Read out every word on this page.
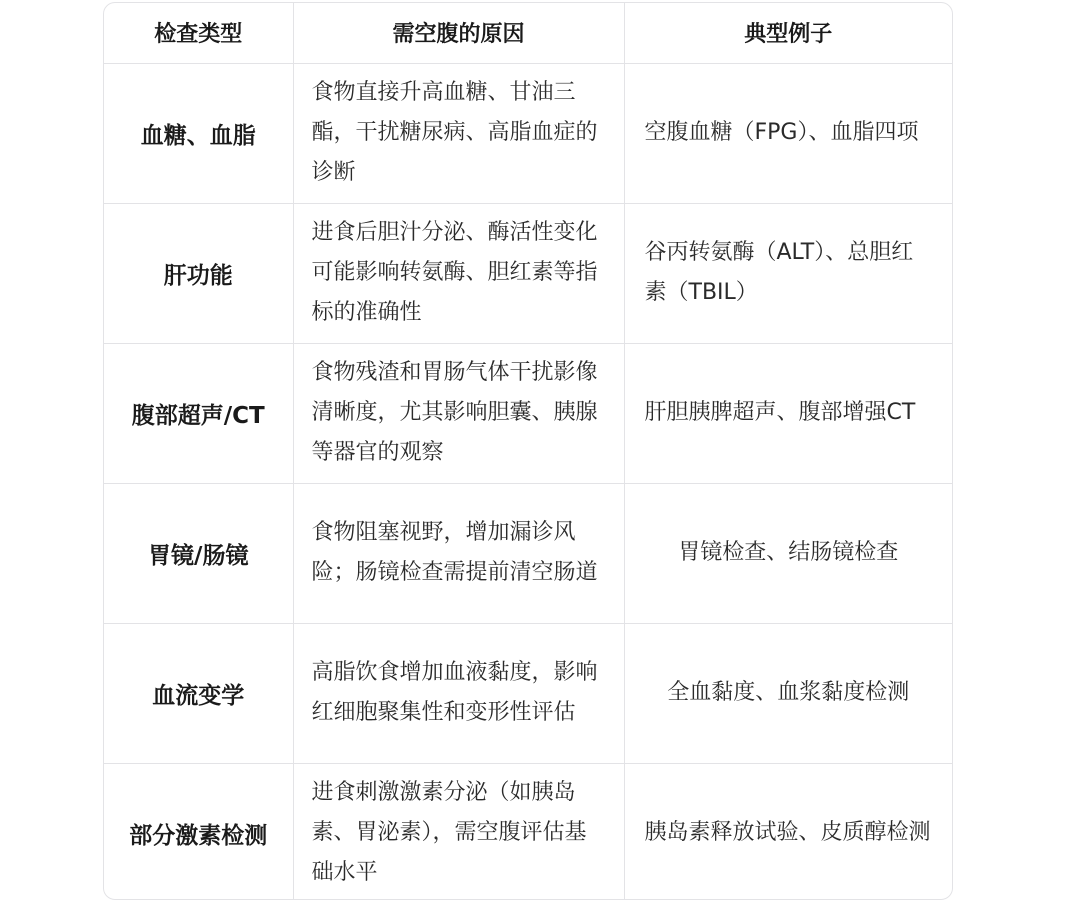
检查类型	需空腹的原因	典型例子
血糖、血脂	食物直接升高血糖、甘油三酯，干扰糖尿病、高脂血症的诊断	空腹血糖（FPG）、血脂四项
肝功能	进食后胆汁分泌、酶活性变化可能影响转氨酶、胆红素等指标的准确性	谷丙转氨酶（ALT）、总胆红素（TBIL）
腹部超声/CT	食物残渣和胃肠气体干扰影像清晰度，尤其影响胆囊、胰腺等器官的观察	肝胆胰脾超声、腹部增强CT
胃镜/肠镜	食物阻塞视野，增加漏诊风险；肠镜检查需提前清空肠道	胃镜检查、结肠镜检查
血流变学	高脂饮食增加血液黏度，影响红细胞聚集性和变形性评估	全血黏度、血浆黏度检测
部分激素检测	进食刺激激素分泌（如胰岛素、胃泌素），需空腹评估基础水平	胰岛素释放试验、皮质醇检测
